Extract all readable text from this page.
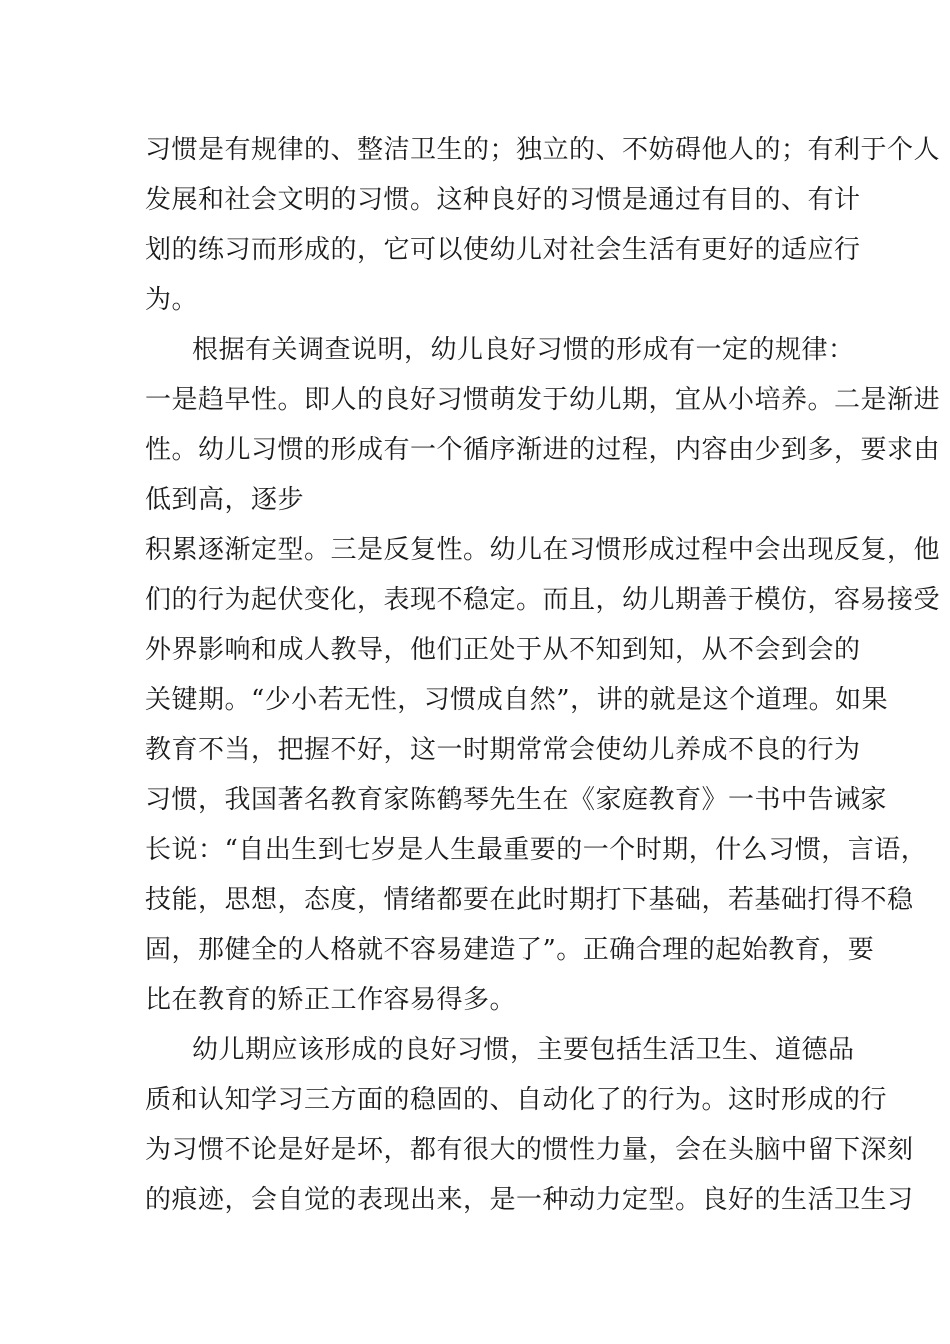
习惯是有规律的、整洁卫生的；独立的、不妨碍他人的；有利于个人
发展和社会文明的习惯。这种良好的习惯是通过有目的、有计
划的练习而形成的，它可以使幼儿对社会生活有更好的适应行
为。
根据有关调查说明，幼儿良好习惯的形成有一定的规律：
一是趋早性。即人的良好习惯萌发于幼儿期，宜从小培养。二是渐进
性。幼儿习惯的形成有一个循序渐进的过程，内容由少到多，要求由
低到高，逐步
积累逐渐定型。三是反复性。幼儿在习惯形成过程中会出现反复，他
们的行为起伏变化，表现不稳定。而且，幼儿期善于模仿，容易接受
外界影响和成人教导，他们正处于从不知到知，从不会到会的
关键期。“少小若无性，习惯成自然”，讲的就是这个道理。如果
教育不当，把握不好，这一时期常常会使幼儿养成不良的行为
习惯，我国著名教育家陈鹤琴先生在《家庭教育》一书中告诫家
长说：“自出生到七岁是人生最重要的一个时期，什么习惯，言语，
技能，思想，态度，情绪都要在此时期打下基础，若基础打得不稳
固，那健全的人格就不容易建造了”。正确合理的起始教育，要
比在教育的矫正工作容易得多。
幼儿期应该形成的良好习惯，主要包括生活卫生、道德品
质和认知学习三方面的稳固的、自动化了的行为。这时形成的行
为习惯不论是好是坏，都有很大的惯性力量，会在头脑中留下深刻
的痕迹，会自觉的表现出来，是一种动力定型。良好的生活卫生习
